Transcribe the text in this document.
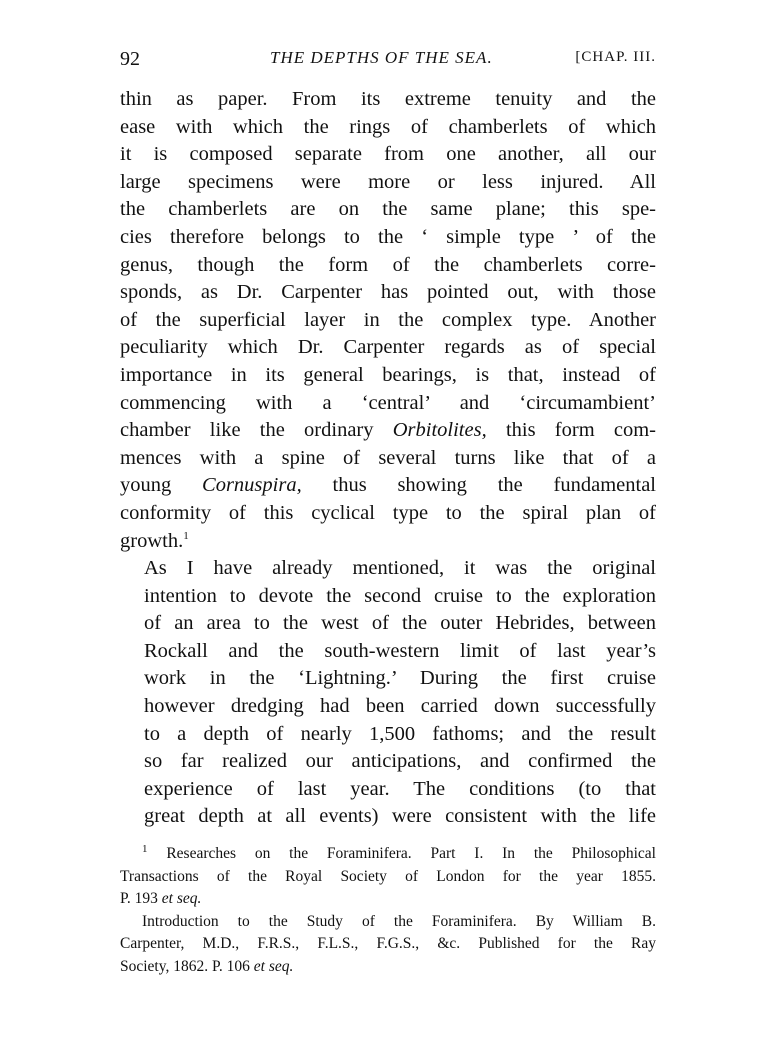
92	THE DEPTHS OF THE SEA.	[CHAP. III.

thin as paper. From its extreme tenuity and the
ease with which the rings of chamberlets of which
it is composed separate from one another, all our
large specimens were more or less injured. All
the chamberlets are on the same plane; this spe-
cies therefore belongs to the ‘ simple type ’ of the
genus, though the form of the chamberlets corre-
sponds, as Dr. Carpenter has pointed out, with those
of the superficial layer in the complex type. Another
peculiarity which Dr. Carpenter regards as of special
importance in its general bearings, is that, instead of
commencing with a ‘central’ and ‘circumambient’
chamber like the ordinary Orbitolites, this form com-
mences with a spine of several turns like that of a
young Cornuspira, thus showing the fundamental
conformity of this cyclical type to the spiral plan of
growth.$^1$

As I have already mentioned, it was the original
intention to devote the second cruise to the exploration
of an area to the west of the outer Hebrides, between
Rockall and the south-western limit of last year’s
work in the ‘Lightning.’ During the first cruise
however dredging had been carried down successfully
to a depth of nearly 1,500 fathoms; and the result
so far realized our anticipations, and confirmed the
experience of last year. The conditions (to that
great depth at all events) were consistent with the life

$^1$ Researches on the Foraminifera. Part I. In the Philosophical
Transactions of the Royal Society of London for the year 1855.
P. 193 et seq.
Introduction to the Study of the Foraminifera. By William B.
Carpenter, M.D., F.R.S., F.L.S., F.G.S., &c. Published for the Ray
Society, 1862. P. 106 et seq.
